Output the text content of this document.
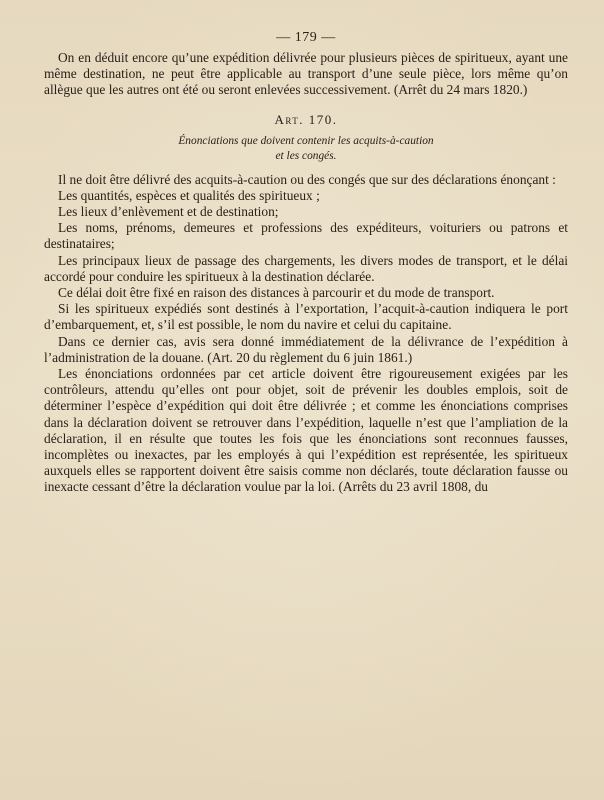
— 179 —

On en déduit encore qu’une expédition délivrée pour plusieurs pièces de spiritueux, ayant une même destination, ne peut être applicable au transport d’une seule pièce, lors même qu’on allègue que les autres ont été ou seront enlevées successivement. (Arrêt du 24 mars 1820.)

Art. 170.
Énonciations que doivent contenir les acquits-à-caution
et les congés.

Il ne doit être délivré des acquits-à-caution ou des congés que sur des déclarations énonçant :

Les quantités, espèces et qualités des spiritueux ;

Les lieux d’enlèvement et de destination;

Les noms, prénoms, demeures et professions des expéditeurs, voituriers ou patrons et destinataires;

Les principaux lieux de passage des chargements, les divers modes de transport, et le délai accordé pour conduire les spiritueux à la destination déclarée.

Ce délai doit être fixé en raison des distances à parcourir et du mode de transport.

Si les spiritueux expédiés sont destinés à l’exportation, l’acquit-à-caution indiquera le port d’embarquement, et, s’il est possible, le nom du navire et celui du capitaine.

Dans ce dernier cas, avis sera donné immédiatement de la délivrance de l’expédition à l’administration de la douane. (Art. 20 du règlement du 6 juin 1861.)

Les énonciations ordonnées par cet article doivent être rigoureusement exigées par les contrôleurs, attendu qu’elles ont pour objet, soit de prévenir les doubles emplois, soit de déterminer l’espèce d’expédition qui doit être délivrée ; et comme les énonciations comprises dans la déclaration doivent se retrouver dans l’expédition, laquelle n’est que l’ampliation de la déclaration, il en résulte que toutes les fois que les énonciations sont reconnues fausses, incomplètes ou inexactes, par les employés à qui l’expédition est représentée, les spiritueux auxquels elles se rapportent doivent être saisis comme non déclarés, toute déclaration fausse ou inexacte cessant d’être la déclaration voulue par la loi. (Arrêts du 23 avril 1808, du
